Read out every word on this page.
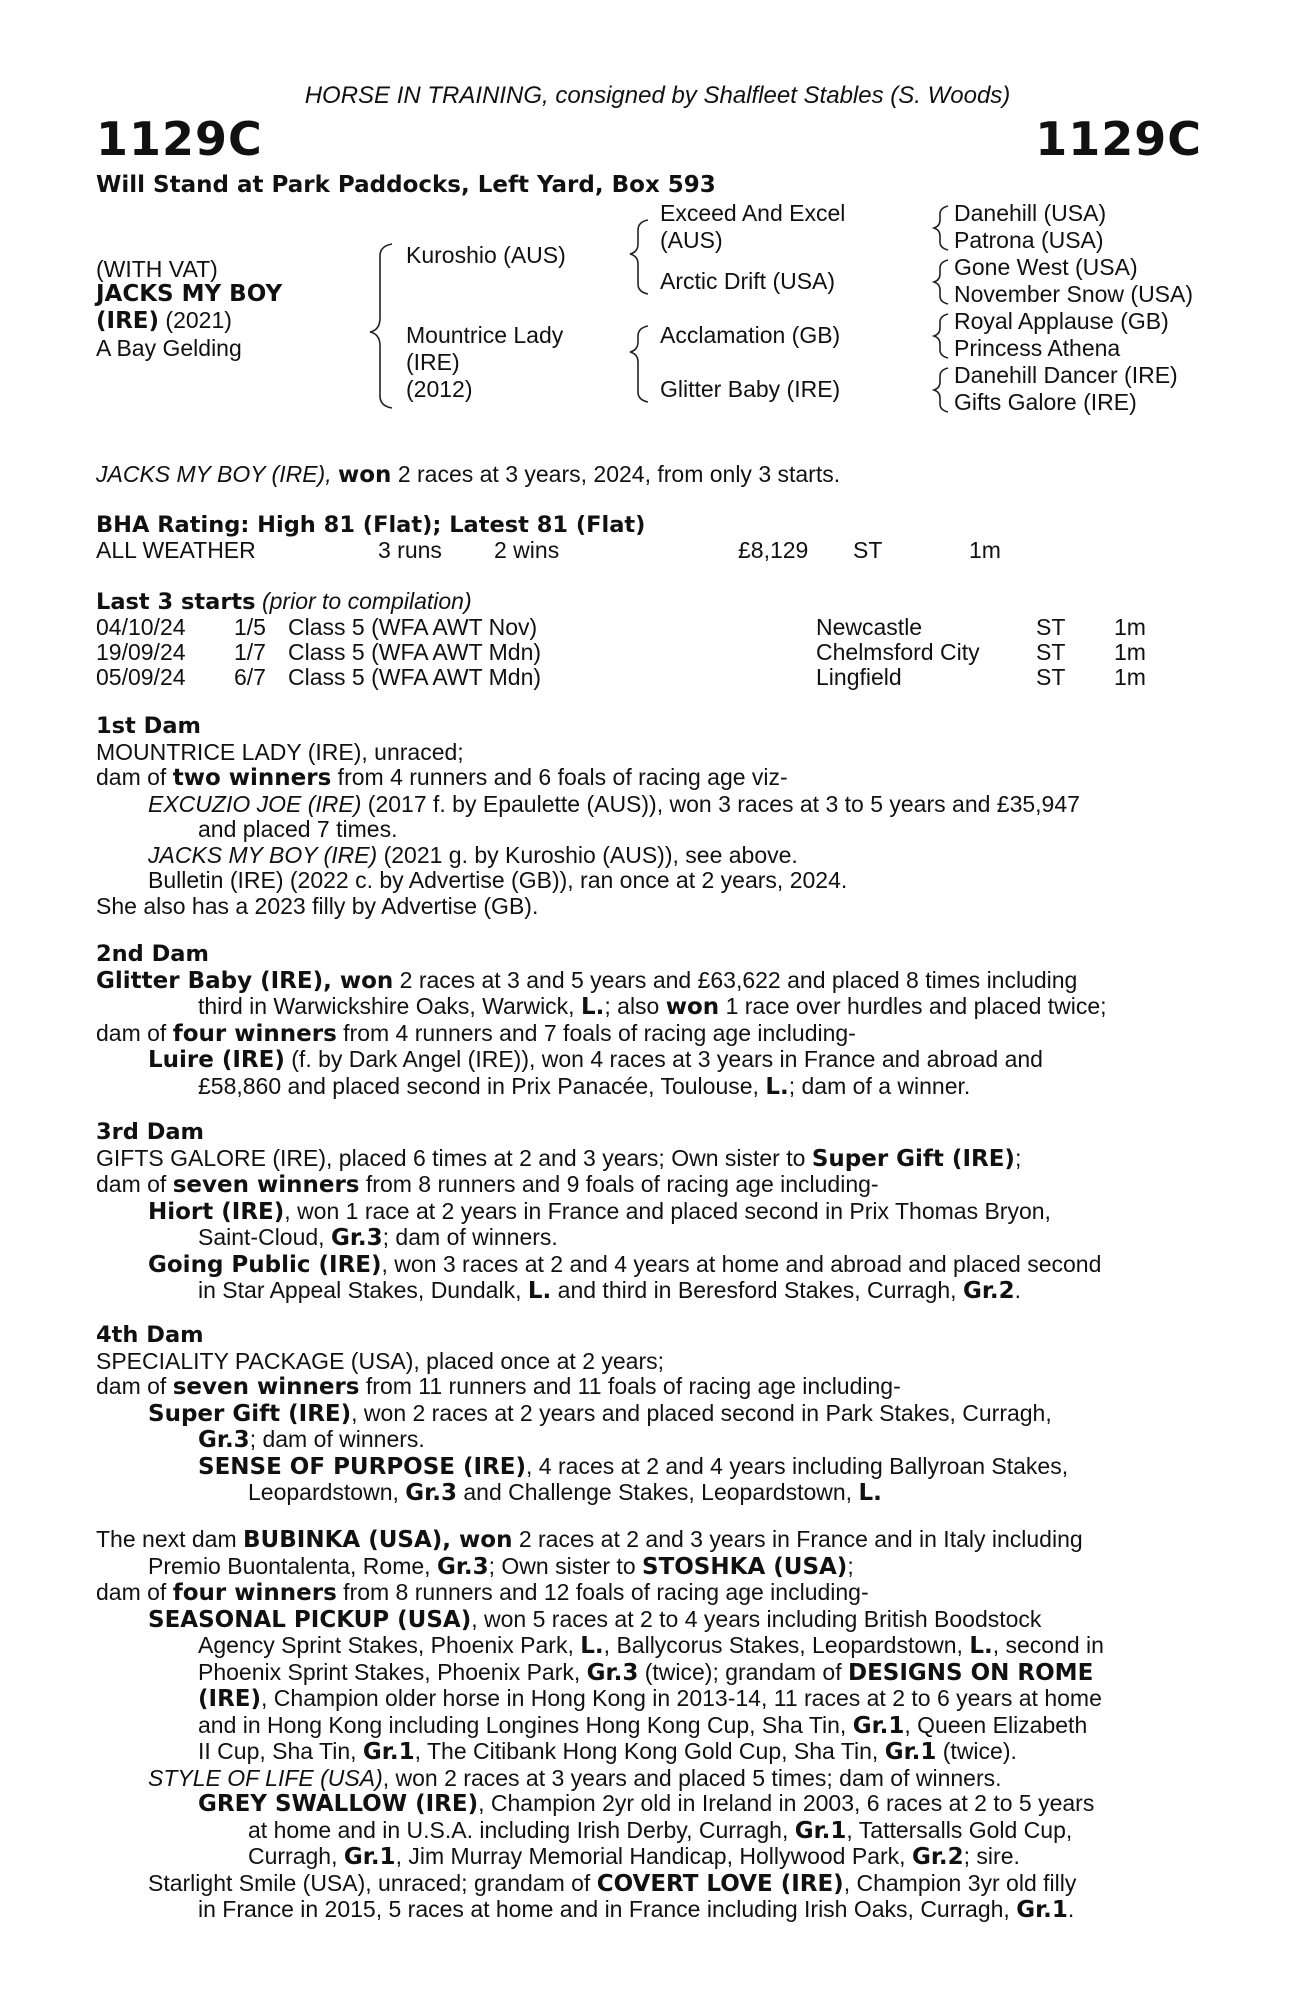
HORSE IN TRAINING, consigned by Shalfleet Stables (S. Woods)
1129C	1129C
Will Stand at Park Paddocks, Left Yard, Box 593
(WITH VAT)
JACKS MY BOY
(IRE) (2021)
A Bay Gelding
Kuroshio (AUS)
Mountrice Lady
(IRE)
(2012)
Exceed And Excel
(AUS)
Arctic Drift (USA)
Acclamation (GB)
Glitter Baby (IRE)
Danehill (USA)
Patrona (USA)
Gone West (USA)
November Snow (USA)
Royal Applause (GB)
Princess Athena
Danehill Dancer (IRE)
Gifts Galore (IRE)
JACKS MY BOY (IRE), won 2 races at 3 years, 2024, from only 3 starts.
BHA Rating: High 81 (Flat); Latest 81 (Flat)
ALL WEATHER	3 runs 2 wins	£8,129 ST	1m
Last 3 starts (prior to compilation)
04/10/24 1/5 Class 5 (WFA AWT Nov)	Newcastle	ST 1m
19/09/24 1/7 Class 5 (WFA AWT Mdn)	Chelmsford City ST 1m
05/09/24 6/7 Class 5 (WFA AWT Mdn)	Lingfield	ST 1m
1st Dam
MOUNTRICE LADY (IRE), unraced;
dam of two winners from 4 runners and 6 foals of racing age viz-
EXCUZIO JOE (IRE) (2017 f. by Epaulette (AUS)), won 3 races at 3 to 5 years and £35,947
and placed 7 times.
JACKS MY BOY (IRE) (2021 g. by Kuroshio (AUS)), see above.
Bulletin (IRE) (2022 c. by Advertise (GB)), ran once at 2 years, 2024.
She also has a 2023 filly by Advertise (GB).
2nd Dam
Glitter Baby (IRE), won 2 races at 3 and 5 years and £63,622 and placed 8 times including
third in Warwickshire Oaks, Warwick, L.; also won 1 race over hurdles and placed twice;
dam of four winners from 4 runners and 7 foals of racing age including-
Luire (IRE) (f. by Dark Angel (IRE)), won 4 races at 3 years in France and abroad and
£58,860 and placed second in Prix Panacée, Toulouse, L.; dam of a winner.
3rd Dam
GIFTS GALORE (IRE), placed 6 times at 2 and 3 years; Own sister to Super Gift (IRE);
dam of seven winners from 8 runners and 9 foals of racing age including-
Hiort (IRE), won 1 race at 2 years in France and placed second in Prix Thomas Bryon,
Saint-Cloud, Gr.3; dam of winners.
Going Public (IRE), won 3 races at 2 and 4 years at home and abroad and placed second
in Star Appeal Stakes, Dundalk, L. and third in Beresford Stakes, Curragh, Gr.2.
4th Dam
SPECIALITY PACKAGE (USA), placed once at 2 years;
dam of seven winners from 11 runners and 11 foals of racing age including-
Super Gift (IRE), won 2 races at 2 years and placed second in Park Stakes, Curragh,
Gr.3; dam of winners.
SENSE OF PURPOSE (IRE), 4 races at 2 and 4 years including Ballyroan Stakes,
Leopardstown, Gr.3 and Challenge Stakes, Leopardstown, L.
The next dam BUBINKA (USA), won 2 races at 2 and 3 years in France and in Italy including
Premio Buontalenta, Rome, Gr.3; Own sister to STOSHKA (USA);
dam of four winners from 8 runners and 12 foals of racing age including-
SEASONAL PICKUP (USA), won 5 races at 2 to 4 years including British Boodstock
Agency Sprint Stakes, Phoenix Park, L., Ballycorus Stakes, Leopardstown, L., second in
Phoenix Sprint Stakes, Phoenix Park, Gr.3 (twice); grandam of DESIGNS ON ROME
(IRE), Champion older horse in Hong Kong in 2013-14, 11 races at 2 to 6 years at home
and in Hong Kong including Longines Hong Kong Cup, Sha Tin, Gr.1, Queen Elizabeth
II Cup, Sha Tin, Gr.1, The Citibank Hong Kong Gold Cup, Sha Tin, Gr.1 (twice).
STYLE OF LIFE (USA), won 2 races at 3 years and placed 5 times; dam of winners.
GREY SWALLOW (IRE), Champion 2yr old in Ireland in 2003, 6 races at 2 to 5 years
at home and in U.S.A. including Irish Derby, Curragh, Gr.1, Tattersalls Gold Cup,
Curragh, Gr.1, Jim Murray Memorial Handicap, Hollywood Park, Gr.2; sire.
Starlight Smile (USA), unraced; grandam of COVERT LOVE (IRE), Champion 3yr old filly
in France in 2015, 5 races at home and in France including Irish Oaks, Curragh, Gr.1.
